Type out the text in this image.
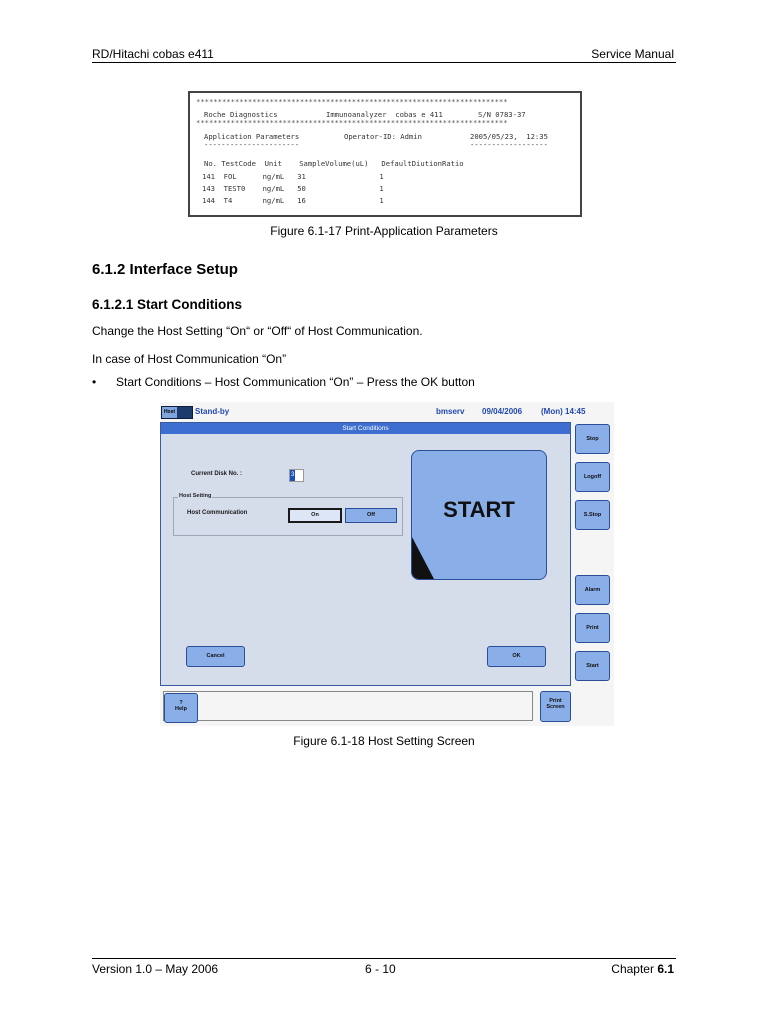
RD/Hitachi cobas e411	Service Manual
************************************************************************
Roche Diagnostics	Immunoanalyzer  cobas e 411	S/N 0783-37
************************************************************************
Application Parameters	Operator-ID: Admin	2005/05/23,  12:35
----------------------	------------------
No. TestCode  Unit    SampleVolume(uL)   DefaultDiutionRatio
141  FOL      ng/mL   31                 1
143  TEST0    ng/mL   50                 1
144  T4       ng/mL   16                 1
Figure 6.1-17 Print-Application Parameters
6.1.2 Interface Setup
6.1.2.1 Start Conditions
Change the Host Setting “On“ or “Off“ of Host Communication.
In case of Host Communication “On”
• Start Conditions – Host Communication “On” – Press the OK button
Host Stand-by	bmserv 09/04/2006 (Mon) 14:45
Start Conditions
Current Disk No. :	3
Host Setting
Host Communication	On	Off	START
Cancel	OK
Stop
Logoff
S.Stop
Alarm
Print
Start
?
Help
Print
Screen
Figure 6.1-18 Host Setting Screen
Version 1.0 – May 2006	6 - 10	Chapter 6.1
